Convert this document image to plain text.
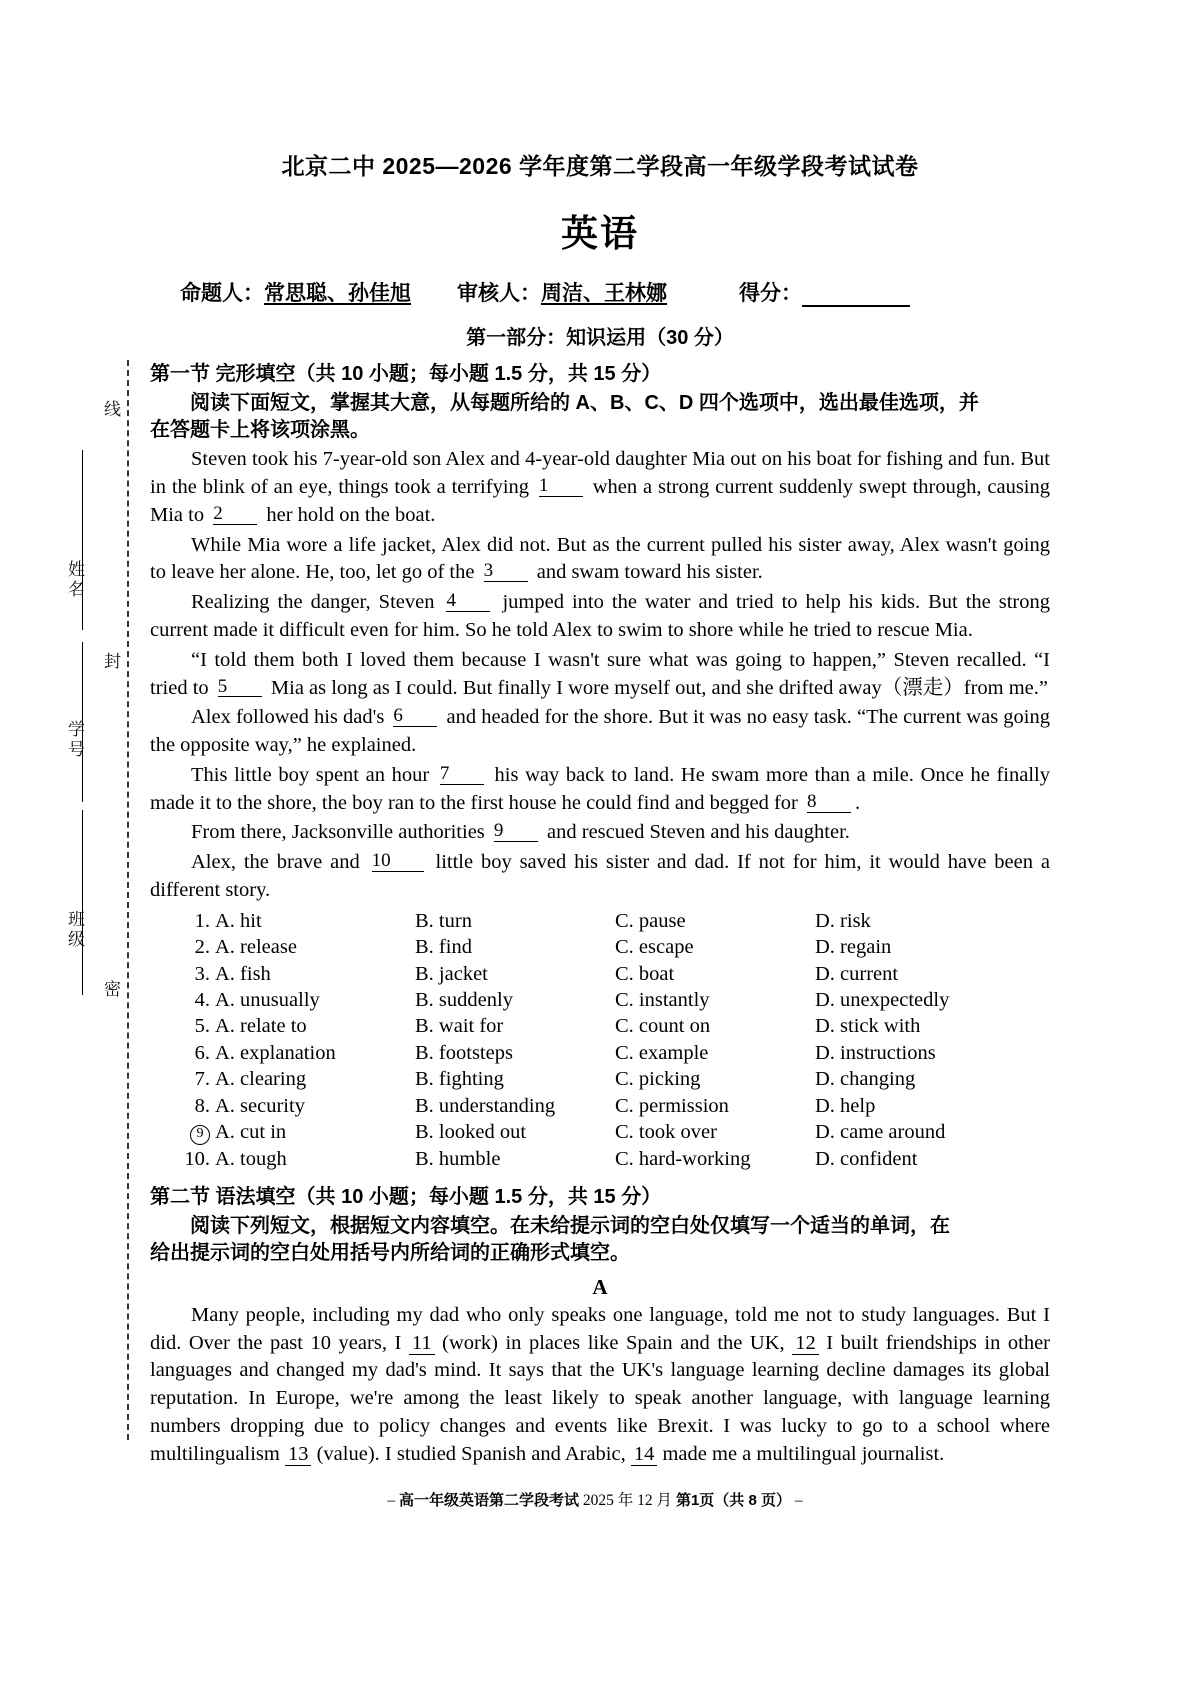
线
姓名
封
学号
班级
密
北京二中 2025—2026 学年度第二学段高一年级学段考试试卷
英语
命题人： 常思聪、孙佳旭 审核人： 周洁、王林娜	得分：
第一部分：知识运用（30 分）
第一节 完形填空（共 10 小题；每小题 1.5 分，共 15 分）
阅读下面短文，掌握其大意，从每题所给的 A、B、C、D 四个选项中，选出最佳选项，并
在答题卡上将该项涂黑。
Steven took his 7-year-old son Alex and 4-year-old daughter Mia out on his boat for fishing and fun. But in the blink of an eye, things took a terrifying 1 when a strong current suddenly swept through, causing Mia to 2 her hold on the boat.
While Mia wore a life jacket, Alex did not. But as the current pulled his sister away, Alex wasn't going to leave her alone. He, too, let go of the 3 and swam toward his sister.
Realizing the danger, Steven 4 jumped into the water and tried to help his kids. But the strong current made it difficult even for him. So he told Alex to swim to shore while he tried to rescue Mia.
“I told them both I loved them because I wasn't sure what was going to happen,” Steven recalled. “I tried to 5 Mia as long as I could. But finally I wore myself out, and she drifted away（漂走）from me.”
Alex followed his dad's 6 and headed for the shore. But it was no easy task. “The current was going the opposite way,” he explained.
This little boy spent an hour 7 his way back to land. He swam more than a mile. Once he finally made it to the shore, the boy ran to the first house he could find and begged for 8 .
From there, Jacksonville authorities 9 and rescued Steven and his daughter.
Alex, the brave and 10 little boy saved his sister and dad. If not for him, it would have been a different story.
1. A. hit	B. turn	C. pause	D. risk
2. A. release	B. find	C. escape	D. regain
3. A. fish	B. jacket	C. boat	D. current
4. A. unusually	B. suddenly	C. instantly	D. unexpectedly
5. A. relate to	B. wait for	C. count on	D. stick with
6. A. explanation	B. footsteps	C. example	D. instructions
7. A. clearing	B. fighting	C. picking	D. changing
8. A. security	B. understanding	C. permission	D. help
9 A. cut in	B. looked out	C. took over	D. came around
10. A. tough	B. humble	C. hard-working	D. confident
第二节 语法填空（共 10 小题；每小题 1.5 分，共 15 分）
阅读下列短文，根据短文内容填空。在未给提示词的空白处仅填写一个适当的单词，在
给出提示词的空白处用括号内所给词的正确形式填空。
A
Many people, including my dad who only speaks one language, told me not to study languages. But I did. Over the past 10 years, I 11 (work) in places like Spain and the UK, 12 I built friendships in other languages and changed my dad's mind. It says that the UK's language learning decline damages its global reputation. In Europe, we're among the least likely to speak another language, with language learning numbers dropping due to policy changes and events like Brexit. I was lucky to go to a school where multilingualism 13 (value). I studied Spanish and Arabic, 14 made me a multilingual journalist.
– 高一年级英语第二学段考试 2025 年 12 月 第1页（共 8 页） –
